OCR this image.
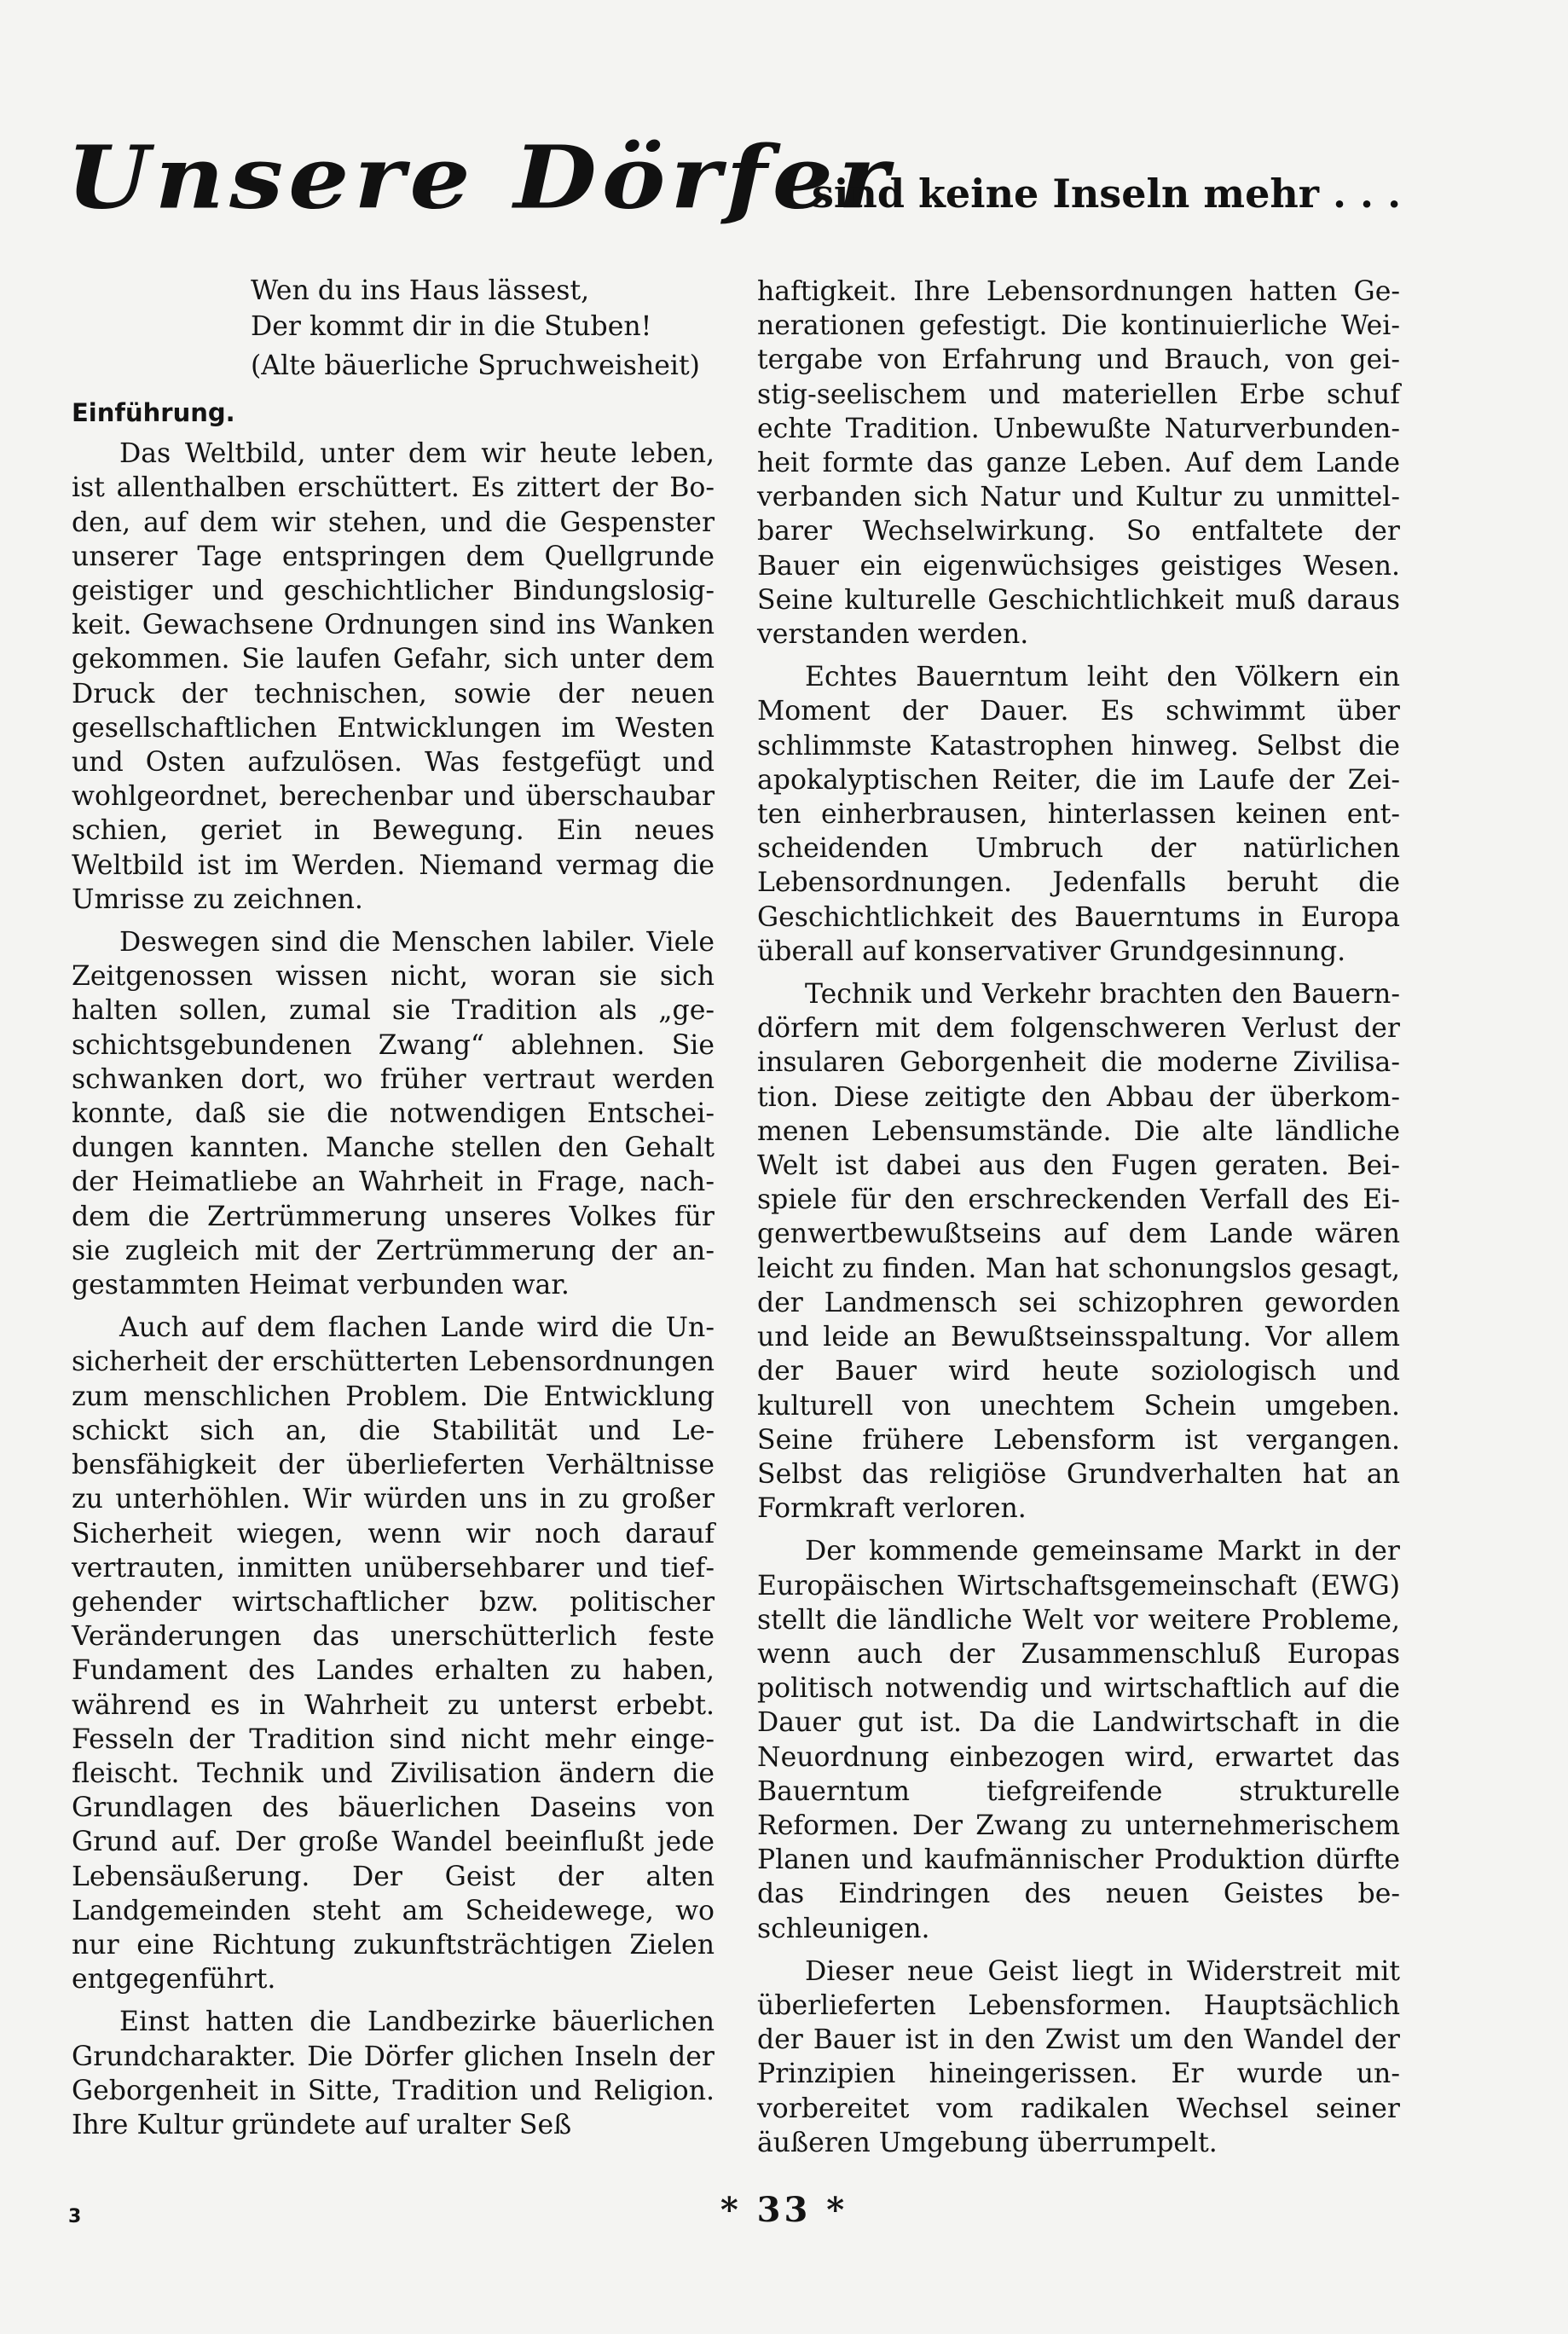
Unsere Dörfer
sind keine Inseln mehr . . .
Wen du ins Haus lässest,
Der kommt dir in die Stuben!
(Alte bäuerliche Spruchweisheit)
Einführung.

Das Weltbild, unter dem wir heute leben, ist allenthalben erschüttert. Es zittert der Boden, auf dem wir stehen, und die Gespenster unserer Tage entspringen dem Quellgrunde geistiger und geschichtlicher Bindungslosigkeit. Gewachsene Ordnungen sind ins Wanken gekommen. Sie laufen Gefahr, sich unter dem Druck der technischen, sowie der neuen gesellschaftlichen Entwicklungen im Westen und Osten aufzulösen. Was festgefügt und wohlgeordnet, berechenbar und überschaubar schien, geriet in Bewegung. Ein neues Weltbild ist im Werden. Niemand vermag die Umrisse zu zeichnen.

Deswegen sind die Menschen labiler. Viele Zeitgenossen wissen nicht, woran sie sich halten sollen, zumal sie Tradition als „geschichtsgebundenen Zwang“ ablehnen. Sie schwanken dort, wo früher vertraut werden konnte, daß sie die notwendigen Entscheidungen kannten. Manche stellen den Gehalt der Heimatliebe an Wahrheit in Frage, nachdem die Zertrümmerung unseres Volkes für sie zugleich mit der Zertrümmerung der angestammten Heimat verbunden war.

Auch auf dem flachen Lande wird die Unsicherheit der erschütterten Lebensordnungen zum menschlichen Problem. Die Entwicklung schickt sich an, die Stabilität und Lebensfähigkeit der überlieferten Verhältnisse zu unterhöhlen. Wir würden uns in zu großer Sicherheit wiegen, wenn wir noch darauf vertrauten, inmitten unübersehbarer und tiefgehender wirtschaftlicher bzw. politischer Veränderungen das unerschütterlich feste Fundament des Landes erhalten zu haben, während es in Wahrheit zu unterst erbebt. Fesseln der Tradition sind nicht mehr eingefleischt. Technik und Zivilisation ändern die Grundlagen des bäuerlichen Daseins von Grund auf. Der große Wandel beeinflußt jede Lebensäußerung. Der Geist der alten Landgemeinden steht am Scheidewege, wo nur eine Richtung zukunftsträchtigen Zielen entgegenführt.

Einst hatten die Landbezirke bäuerlichen Grundcharakter. Die Dörfer glichen Inseln der Geborgenheit in Sitte, Tradition und Religion. Ihre Kultur gründete auf uralter Seß

haftigkeit. Ihre Lebensordnungen hatten Generationen gefestigt. Die kontinuierliche Weitergabe von Erfahrung und Brauch, von geistig-seelischem und materiellen Erbe schuf echte Tradition. Unbewußte Naturverbundenheit formte das ganze Leben. Auf dem Lande verbanden sich Natur und Kultur zu unmittelbarer Wechselwirkung. So entfaltete der Bauer ein eigenwüchsiges geistiges Wesen. Seine kulturelle Geschichtlichkeit muß daraus verstanden werden.

Echtes Bauerntum leiht den Völkern ein Moment der Dauer. Es schwimmt über schlimmste Katastrophen hinweg. Selbst die apokalyptischen Reiter, die im Laufe der Zeiten einherbrausen, hinterlassen keinen entscheidenden Umbruch der natürlichen Lebensordnungen. Jedenfalls beruht die Geschichtlichkeit des Bauerntums in Europa überall auf konservativer Grundgesinnung.

Technik und Verkehr brachten den Bauerndörfern mit dem folgenschweren Verlust der insularen Geborgenheit die moderne Zivilisation. Diese zeitigte den Abbau der überkommenen Lebensumstände. Die alte ländliche Welt ist dabei aus den Fugen geraten. Beispiele für den erschreckenden Verfall des Eigenwertbewußtseins auf dem Lande wären leicht zu finden. Man hat schonungslos gesagt, der Landmensch sei schizophren geworden und leide an Bewußtseinsspaltung. Vor allem der Bauer wird heute soziologisch und kulturell von unechtem Schein umgeben. Seine frühere Lebensform ist vergangen. Selbst das religiöse Grundverhalten hat an Formkraft verloren.

Der kommende gemeinsame Markt in der Europäischen Wirtschaftsgemeinschaft (EWG) stellt die ländliche Welt vor weitere Probleme, wenn auch der Zusammenschluß Europas politisch notwendig und wirtschaftlich auf die Dauer gut ist. Da die Landwirtschaft in die Neuordnung einbezogen wird, erwartet das Bauerntum tiefgreifende strukturelle Reformen. Der Zwang zu unternehmerischem Planen und kaufmännischer Produktion dürfte das Eindringen des neuen Geistes beschleunigen.

Dieser neue Geist liegt in Widerstreit mit überlieferten Lebensformen. Hauptsächlich der Bauer ist in den Zwist um den Wandel der Prinzipien hineingerissen. Er wurde unvorbereitet vom radikalen Wechsel seiner äußeren Umgebung überrumpelt.

3	* 33 *
